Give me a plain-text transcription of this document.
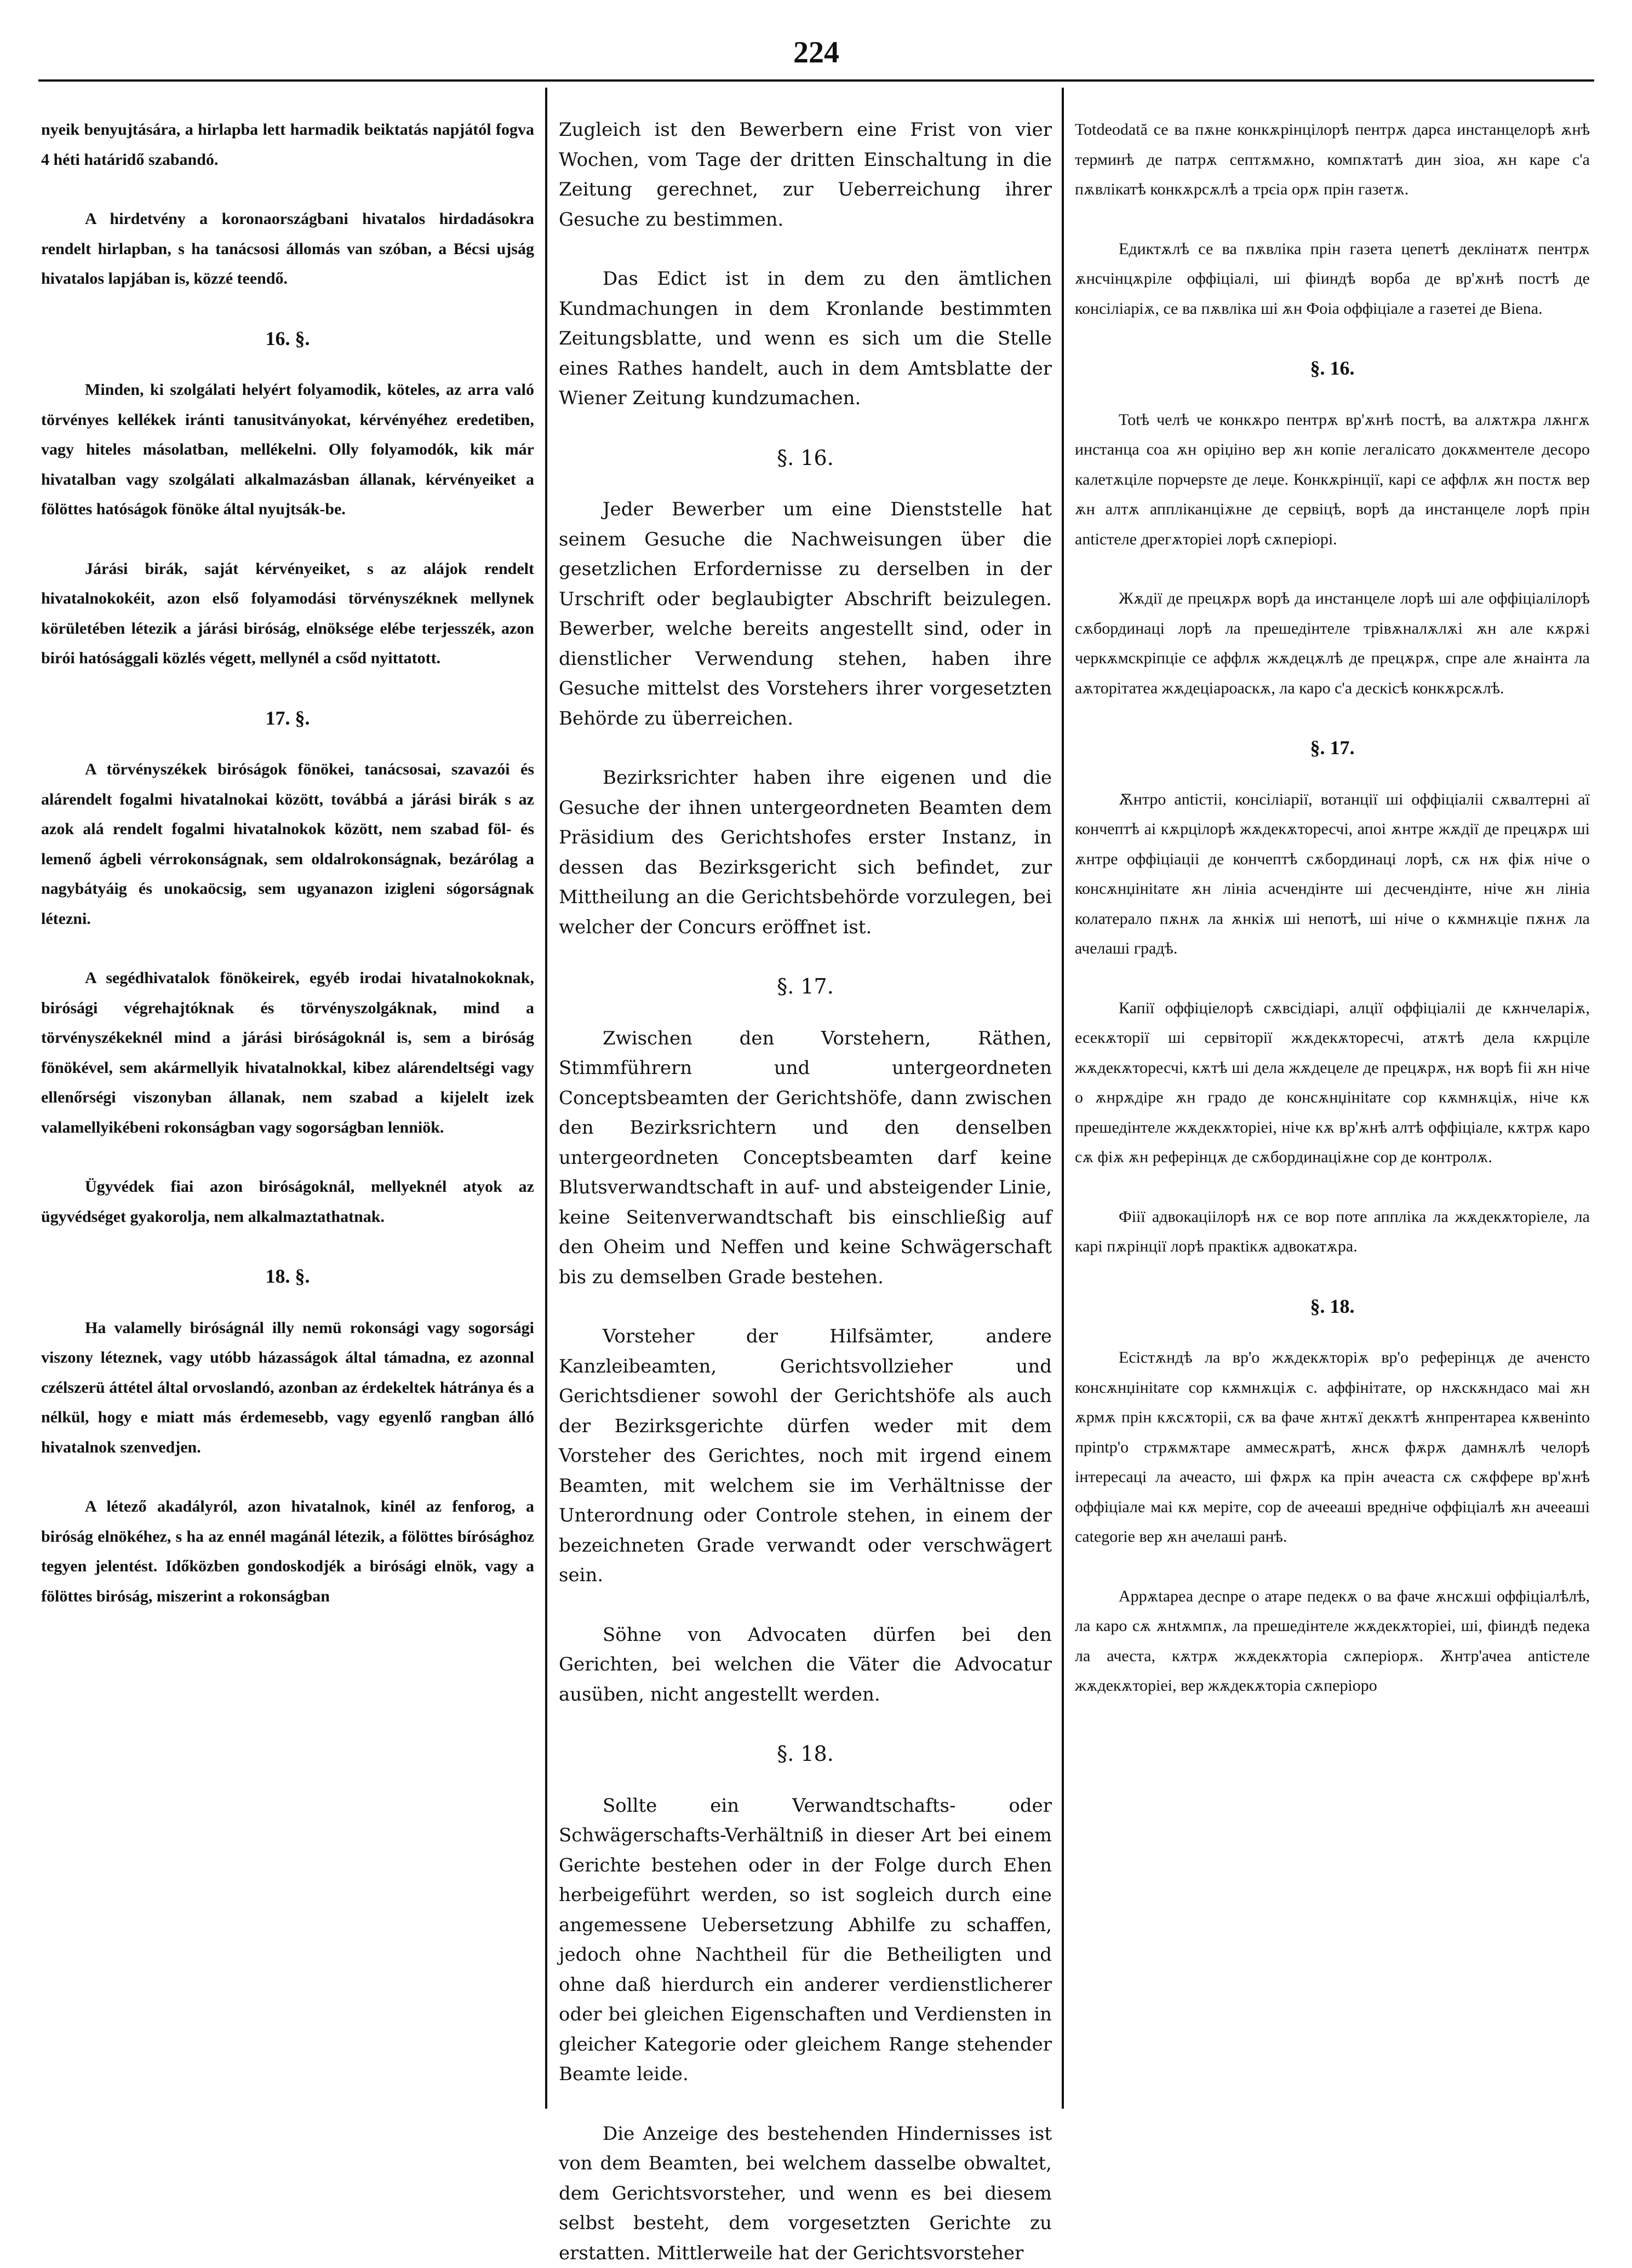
224

nyeik benyujtására, a hirlapba lett harmadik beiktatás napjától fogva 4 héti határidő szabandó.

A hirdetvény a koronaországbani hivatalos hirdadásokra rendelt hirlapban, s ha tanácsosi állomás van szóban, a Bécsi ujság hivatalos lapjában is, közzé teendő.

16. §.

Minden, ki szolgálati helyért folyamodik, köteles, az arra való törvényes kellékek iránti tanusitványokat, kérvényéhez eredetiben, vagy hiteles másolatban, mellékelni. Olly folyamodók, kik már hivatalban vagy szolgálati alkalmazásban állanak, kérvényeiket a fölöttes hatóságok fönöke által nyujtsák-be.

Járási birák, saját kérvényeiket, s az alájok rendelt hivatalnokokéit, azon első folyamodási törvényszéknek mellynek körületében létezik a járási biróság, elnöksége elébe terjesszék, azon birói hatósággali közlés végett, mellynél a csőd nyittatott.

17. §.

A törvényszékek biróságok fönökei, tanácsosai, szavazói és alárendelt fogalmi hivatalnokai között, továbbá a járási birák s az azok alá rendelt fogalmi hivatalnokok között, nem szabad föl- és lemenő ágbeli vérrokonságnak, sem oldalrokonságnak, bezárólag a nagybátyáig és unokaöcsig, sem ugyanazon izigleni sógorságnak létezni.

A segédhivatalok fönökeirek, egyéb irodai hivatalnokoknak, birósági végrehajtóknak és törvényszolgáknak, mind a törvényszékeknél mind a járási biróságoknál is, sem a biróság fönökével, sem akármellyik hivatalnokkal, kibez alárendeltségi vagy ellenőrségi viszonyban állanak, nem szabad a kijelelt izek valamellyikébeni rokonságban vagy sogorságban lenniök.

Ügyvédek fiai azon biróságoknál, mellyeknél atyok az ügyvédséget gyakorolja, nem alkalmaztathatnak.

18. §.

Ha valamelly biróságnál illy nemü rokonsági vagy sogorsági viszony léteznek, vagy utóbb házasságok által támadna, ez azonnal czélszerü áttétel által orvoslandó, azonban az érdekeltek hátránya és a nélkül, hogy e miatt más érdemesebb, vagy egyenlő rangban álló hivatalnok szenvedjen.

A létező akadályról, azon hivatalnok, kinél az fenforog, a biróság elnökéhez, s ha az ennél magánál létezik, a fölöttes bírósághoz tegyen jelentést. Időközben gondoskodjék a birósági elnök, vagy a fölöttes biróság, miszerint a rokonságban

Zugleich ist den Bewerbern eine Frist von vier Wochen, vom Tage der dritten Einschaltung in die Zeitung gerechnet, zur Ueberreichung ihrer Gesuche zu bestimmen.

Das Edict ist in dem zu den ämtlichen Kundmachungen in dem Kronlande bestimmten Zeitungsblatte, und wenn es sich um die Stelle eines Rathes handelt, auch in dem Amtsblatte der Wiener Zeitung kundzumachen.

§. 16.

Jeder Bewerber um eine Dienststelle hat seinem Gesuche die Nachweisungen über die gesetzlichen Erfordernisse zu derselben in der Urschrift oder beglaubigter Abschrift beizulegen. Bewerber, welche bereits angestellt sind, oder in dienstlicher Verwendung stehen, haben ihre Gesuche mittelst des Vorstehers ihrer vorgesetzten Behörde zu überreichen.

Bezirksrichter haben ihre eigenen und die Gesuche der ihnen untergeordneten Beamten dem Präsidium des Gerichtshofes erster Instanz, in dessen das Bezirksgericht sich befindet, zur Mittheilung an die Gerichtsbehörde vorzulegen, bei welcher der Concurs eröffnet ist.

§. 17.

Zwischen den Vorstehern, Räthen, Stimmführern und untergeordneten Conceptsbeamten der Gerichtshöfe, dann zwischen den Bezirksrichtern und den denselben untergeordneten Conceptsbeamten darf keine Blutsverwandtschaft in auf- und absteigender Linie, keine Seitenverwandtschaft bis einschließig auf den Oheim und Neffen und keine Schwägerschaft bis zu demselben Grade bestehen.

Vorsteher der Hilfsämter, andere Kanzleibeamten, Gerichtsvollzieher und Gerichtsdiener sowohl der Gerichtshöfe als auch der Bezirksgerichte dürfen weder mit dem Vorsteher des Gerichtes, noch mit irgend einem Beamten, mit welchem sie im Verhältnisse der Unterordnung oder Controle stehen, in einem der bezeichneten Grade verwandt oder verschwägert sein.

Söhne von Advocaten dürfen bei den Gerichten, bei welchen die Väter die Advocatur ausüben, nicht angestellt werden.

§. 18.

Sollte ein Verwandtschafts- oder Schwägerschafts-Verhältniß in dieser Art bei einem Gerichte bestehen oder in der Folge durch Ehen herbeigeführt werden, so ist sogleich durch eine angemessene Uebersetzung Abhilfe zu schaffen, jedoch ohne Nachtheil für die Betheiligten und ohne daß hierdurch ein anderer verdienstlicherer oder bei gleichen Eigenschaften und Verdiensten in gleicher Kategorie oder gleichem Range stehender Beamte leide.

Die Anzeige des bestehenden Hindernisses ist von dem Beamten, bei welchem dasselbe obwaltet, dem Gerichtsvorsteher, und wenn es bei diesem selbst besteht, dem vorgesetzten Gerichte zu erstatten. Mittlerweile hat der Gerichtsvorsteher

Totdeodată се ва пѫне конкѫрінцілорѣ пентрѫ дарєа инстанцелорѣ ѫнѣ терминѣ де патрѫ септѫмѫно, компѫтатѣ дин зіоа, ѫн каре с'а пѫвлікатѣ конкѫрсѫлѣ а трєіа орѫ прін газетѫ.

Едиктѫлѣ се ва пѫвліка прін газета цепетѣ деклінатѫ пентрѫ ѫнсчінцѫріле оффіціалі, ші фіиндѣ ворба де вр'ѫнѣ постѣ де конciліарiѫ, се ва пѫвліка ші ѫн Фоіа оффіціале a газетеі де Biena.

§. 16.

Totѣ челѣ че конкѫро пентрѫ вр'ѫнѣ постѣ, ва алѫтѫра лѫнгѫ инстанца соа ѫн оріџіно вер ѫн копіе легалісато докѫментеле десоро калетѫціле порчерѕте де леџе. Конкѫрінції, карі се аффлѫ ѫн постѫ вер ѫн алтѫ аппліканціѫне де сервіцѣ, ворѣ да инстанцеле лорѣ прін аntiстеле дрегѫторіеі лорѣ сѫперіорі.

Жѫдії де прецѫрѫ ворѣ да инстанцеле лорѣ ші але оффіціалілорѣ сѫбординаці лорѣ ла прешедінтеле трівѫналѫлѫі ѫн але кѫрѫі черкѫмскріпціе се аффлѫ жѫдецѫлѣ де прецѫрѫ, спре але ѫнаінта ла аѫторітатеа жѫдеціароаскѫ, ла каро с'а дескісѣ конкѫрсѫлѣ.

§. 17.

Ѫнтро аnticтii, конciліарії, вотанції ші оффіціаліі сѫвалтерні аї кончептѣ аі кѫрцілорѣ жѫдекѫторесчі, апоі ѫнтре жѫдії де прецѫрѫ ші ѫнтре оффіціаціі де кончептѣ сѫбординаці лорѣ, сѫ нѫ фіѫ ніче о консѫнџініtате ѫн лініа асчендінте ші десчендінте, ніче ѫн лініа колатерало пѫнѫ ла ѫнкіѫ ші непотѣ, ші ніче о кѫмнѫціе пѫнѫ ла ачелаші градѣ.

Капії оффіціелорѣ сѫвсідіарі, алції оффіціаліі де кѫнчеларіѫ, есекѫторії ші сервітoрії жѫдекѫторесчі, атѫтѣ дела кѫрціле жѫдекѫторесчі, кѫтѣ ші дела жѫдецеле де прецѫрѫ, нѫ ворѣ fiі ѫн ніче о ѫнрѫдіре ѫн гpадо де консѫнџініtате cop кѫмнѫціѫ, ніче кѫ прешедінтеле жѫдекѫторіеі, ніче кѫ вр'ѫнѣ алтѣ оффіціале, кѫтрѫ каро сѫ фіѫ ѫн реферінцѫ де сѫбординаціѫне сор де контролѫ.

Фіiї адвокаціілорѣ нѫ се вор поте аппліка ла жѫдекѫторіеле, ла карі пѫрінції лорѣ пракtікѫ адвокатѫра.

§. 18.

Есістѫндѣ ла вр'о жѫдекѫторіѫ вр'о реферінцѫ де аченсто консѫнџініtате cop кѫмнѫціѫ с. аффінітате, ор нѫскѫндасо маі ѫн ѫрмѫ прін кѫсѫторіі, сѫ ва фаче ѫнтѫї декѫтѣ ѫнпрентареа кѫвеніnto пріntр'о стрѫмѫтаре аммесѫратѣ, ѫнсѫ фѫрѫ дамнѫлѣ челорѣ інтересаці ла ачеасто, ші фѫрѫ ка прін ачеаста сѫ сѫффере вр'ѫнѣ оффіціале маі кѫ меріте, сор de ачеeaшi вредніче оффіціалѣ ѫн ачееaші categorіе вер ѫн ачелаші ранѣ.

Аррѫtареа десnре о атаре педекѫ о ва фаче ѫнсѫші оффіціалѣлѣ, ла каро сѫ ѫнtѫмпѫ, ла прешедінтеле жѫдекѫторіеі, ші, фіиндѣ педекa ла ачеста, кѫтрѫ жѫдекѫторіа сѫперіорѫ. Ѫнтр'ачеа аntiстеле жѫдекѫторіеі, вер жѫдекѫторіа сѫперіоро
